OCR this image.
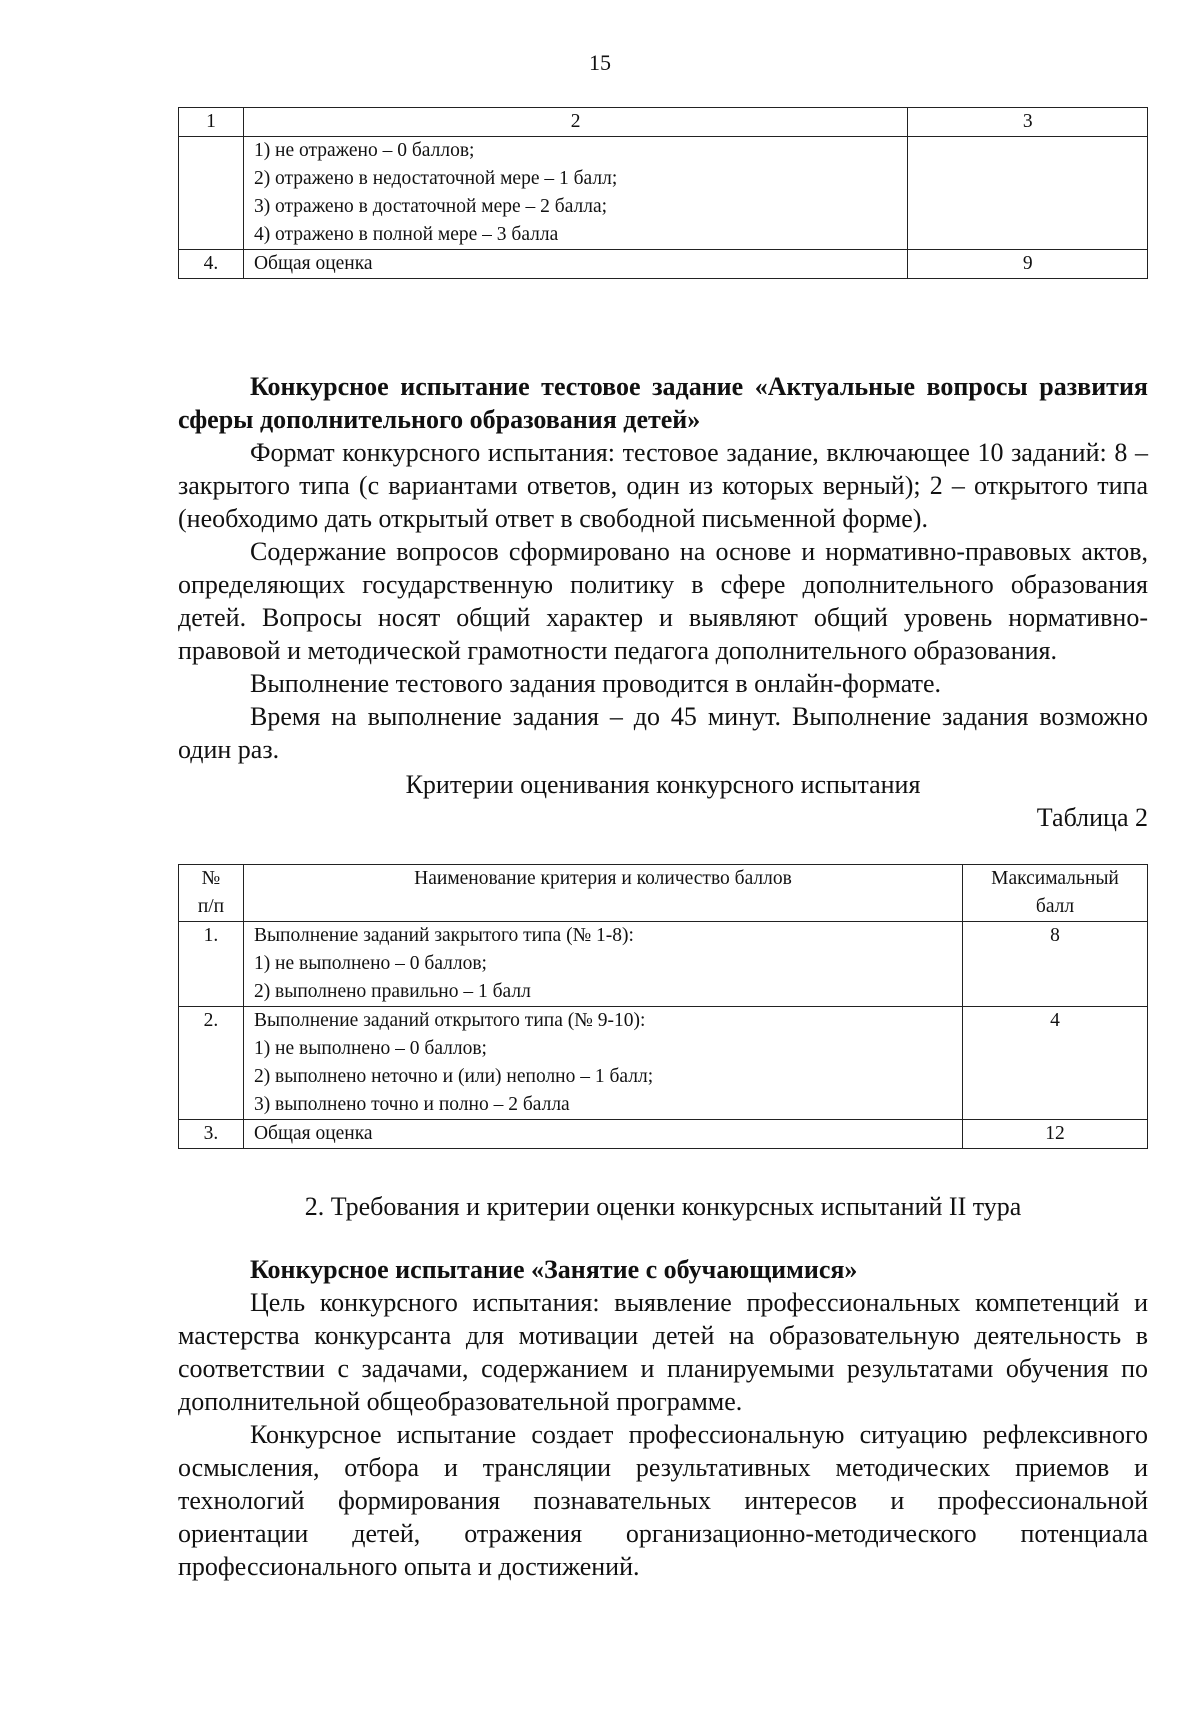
15
1	2	3

	1) не отражено – 0 баллов;
2) отражено в недостаточной мере – 1 балл;
3) отражено в достаточной мере – 2 балла;
4) отражено в полной мере – 3 балла	

4.	Общая оценка	9

Конкурсное испытание тестовое задание «Актуальные вопросы развития сферы дополнительного образования детей»

Формат конкурсного испытания: тестовое задание, включающее 10 заданий: 8 – закрытого типа (с вариантами ответов, один из которых верный); 2 – открытого типа (необходимо дать открытый ответ в свободной письменной форме).

Содержание вопросов сформировано на основе и нормативно-правовых актов, определяющих государственную политику в сфере дополнительного образования детей. Вопросы носят общий характер и выявляют общий уровень нормативно-правовой и методической грамотности педагога дополнительного образования.

Выполнение тестового задания проводится в онлайн-формате.

Время на выполнение задания – до 45 минут. Выполнение задания возможно один раз.

Критерии оценивания конкурсного испытания

Таблица 2

№ п/п	Наименование критерия и количество баллов	Максимальный балл
1.	Выполнение заданий закрытого типа (№ 1-8):
1) не выполнено – 0 баллов;
2) выполнено правильно – 1 балл	8
2.	Выполнение заданий открытого типа (№ 9-10):
1) не выполнено – 0 баллов;
2) выполнено неточно и (или) неполно – 1 балл;
3) выполнено точно и полно – 2 балла	4
3.	Общая оценка	12

2. Требования и критерии оценки конкурсных испытаний II тура

Конкурсное испытание «Занятие с обучающимися»

Цель конкурсного испытания: выявление профессиональных компетенций и мастерства конкурсанта для мотивации детей на образовательную деятельность в соответствии с задачами, содержанием и планируемыми результатами обучения по дополнительной общеобразовательной программе.

Конкурсное испытание создает профессиональную ситуацию рефлексивного осмысления, отбора и трансляции результативных методических приемов и технологий формирования познавательных интересов и профессиональной ориентации детей, отражения организационно-методического потенциала профессионального опыта и достижений.
